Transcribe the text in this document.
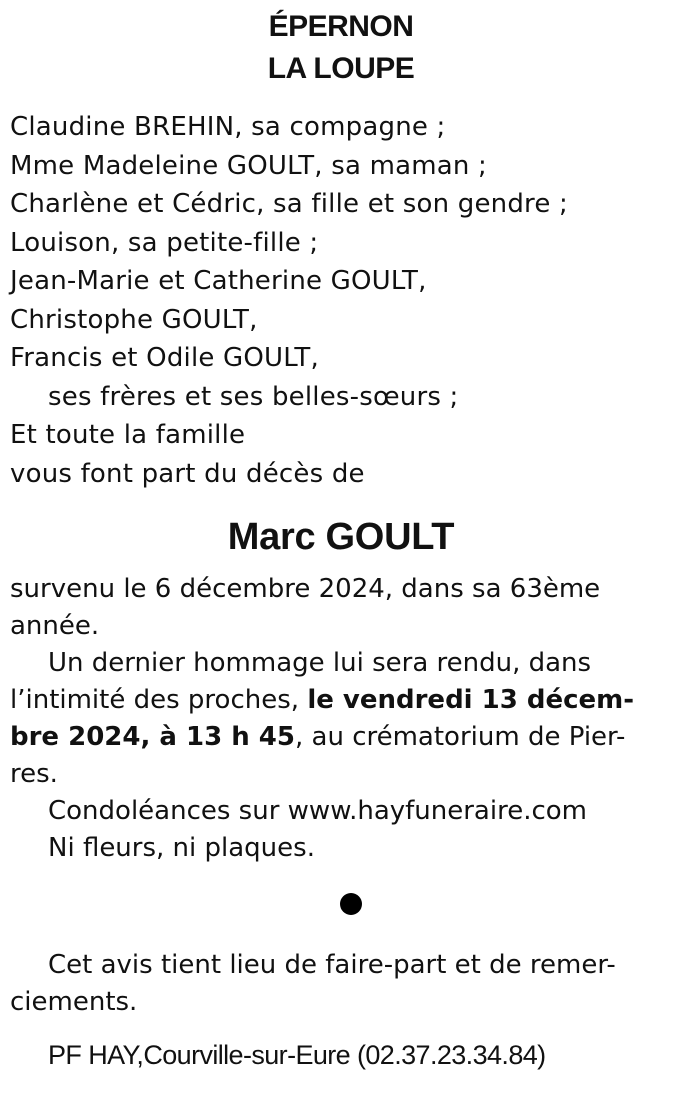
ÉPERNON
LA LOUPE
Claudine BREHIN, sa compagne ;
Mme Madeleine GOULT, sa maman ;
Charlène et Cédric, sa fille et son gendre ;
Louison, sa petite-fille ;
Jean-Marie et Catherine GOULT,
Christophe GOULT,
Francis et Odile GOULT,
ses frères et ses belles-sœurs ;
Et toute la famille
vous font part du décès de
Marc GOULT
survenu le 6 décembre 2024, dans sa 63ème
année.
Un dernier hommage lui sera rendu, dans
l’intimité des proches, le vendredi 13 décem-
bre 2024, à 13 h 45, au crématorium de Pier-
res.
Condoléances sur www.hayfuneraire.com
Ni fleurs, ni plaques.
Cet avis tient lieu de faire-part et de remer-
ciements.
PF HAY,Courville-sur-Eure (02.37.23.34.84)
